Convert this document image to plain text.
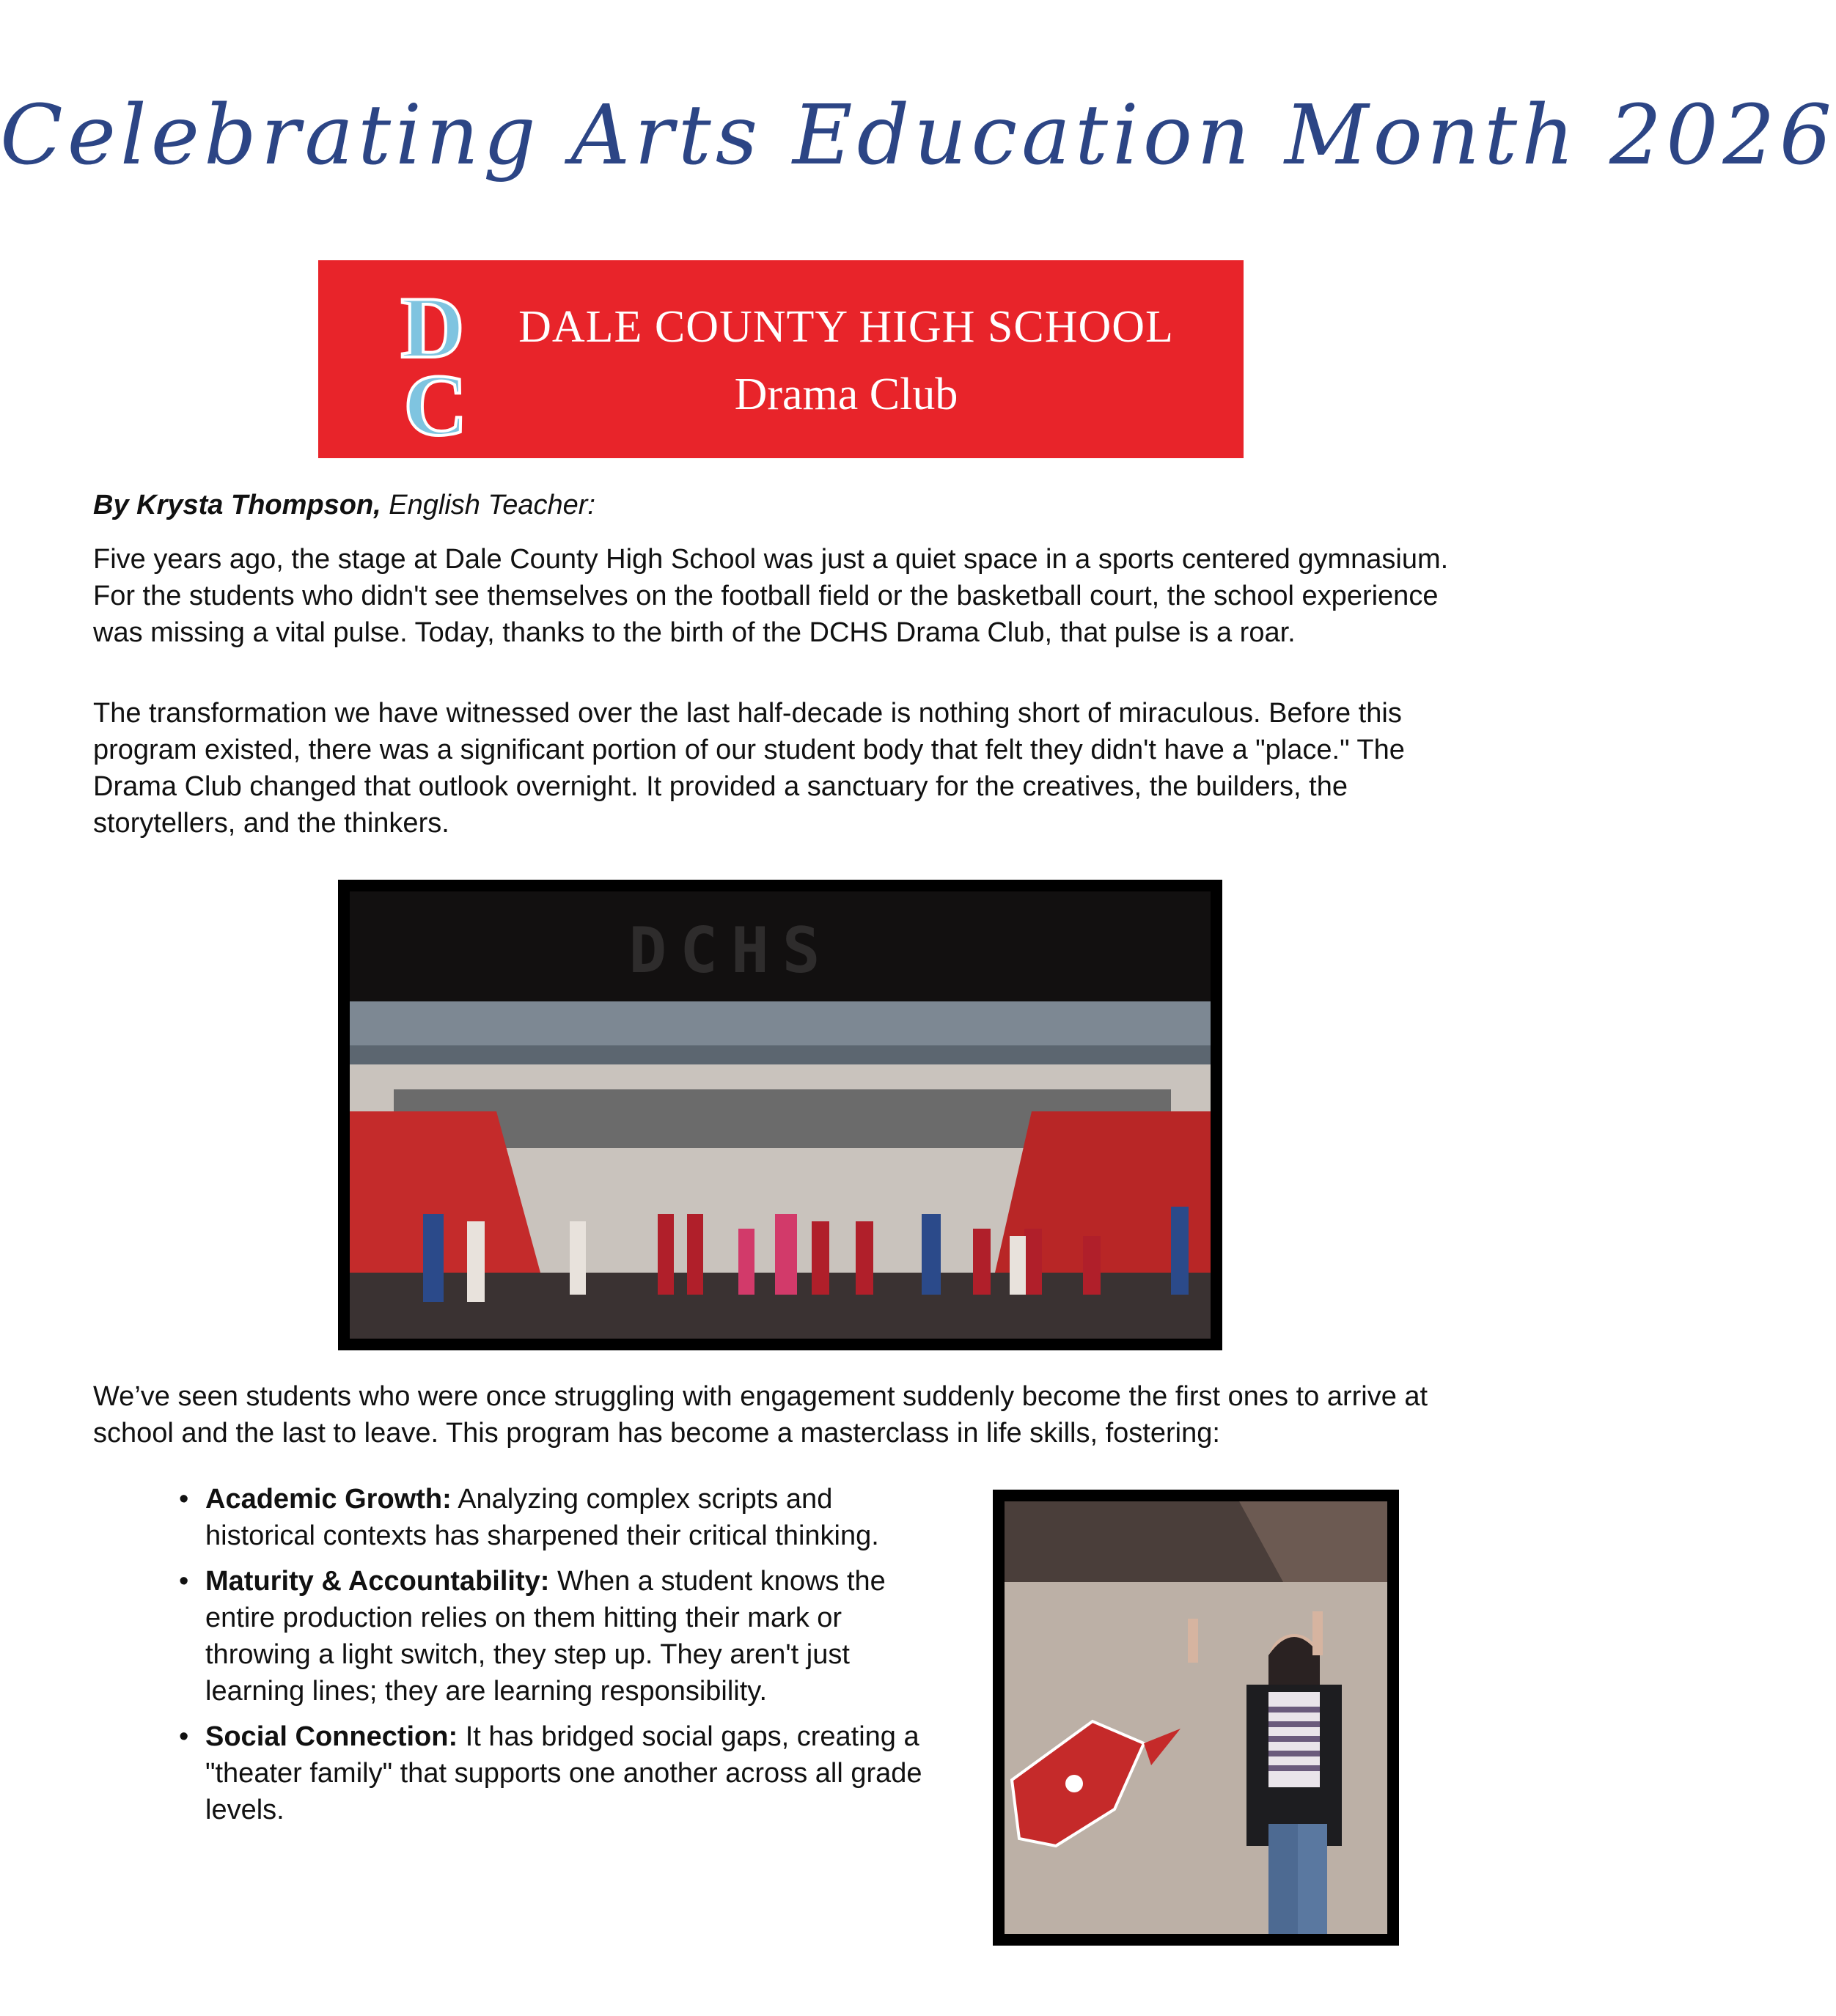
Celebrating Arts Education Month 2026
D
C
DALE COUNTY HIGH SCHOOL
Drama Club
By Krysta Thompson, English Teacher:

Five years ago, the stage at Dale County High School was just a quiet space in a sports centered gymnasium. For the students who didn't see themselves on the football field or the basketball court, the school experience was missing a vital pulse. Today, thanks to the birth of the DCHS Drama Club, that pulse is a roar.

The transformation we have witnessed over the last half-decade is nothing short of miraculous. Before this program existed, there was a significant portion of our student body that felt they didn't have a "place." The Drama Club changed that outlook overnight. It provided a sanctuary for the creatives, the builders, the storytellers, and the thinkers.

DCHS

We’ve seen students who were once struggling with engagement suddenly become the first ones to arrive at school and the last to leave. This program has become a masterclass in life skills, fostering:

• Academic Growth: Analyzing complex scripts and historical contexts has sharpened their critical thinking.
• Maturity & Accountability: When a student knows the entire production relies on them hitting their mark or throwing a light switch, they step up. They aren't just learning lines; they are learning responsibility.
• Social Connection: It has bridged social gaps, creating a "theater family" that supports one another across all grade levels.
